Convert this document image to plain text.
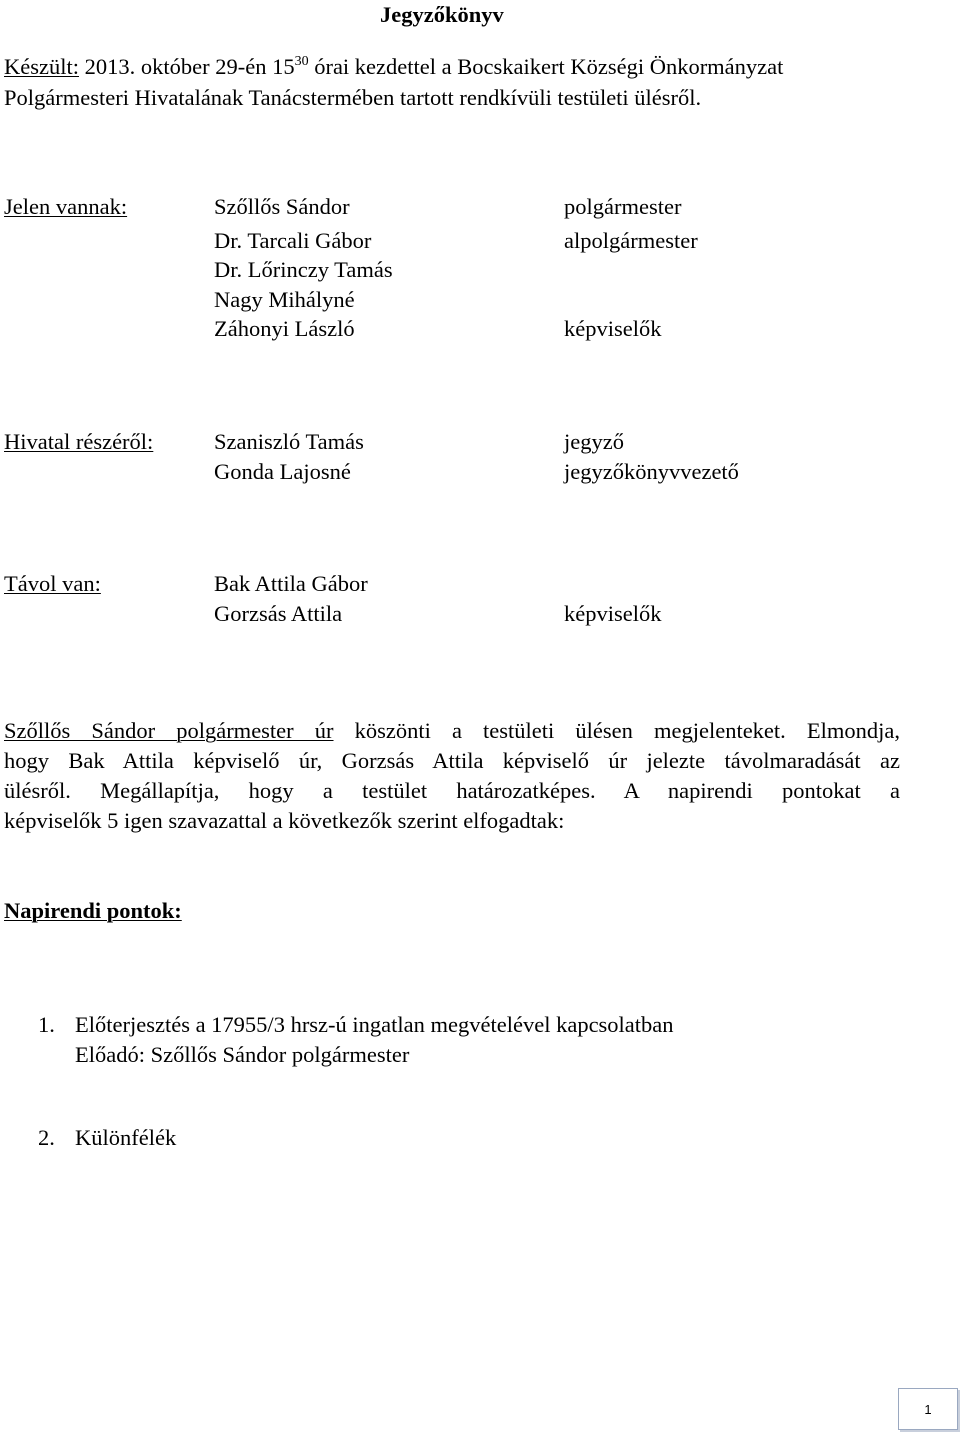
Jegyzőkönyv
Készült: 2013. október 29-én $15^{30}$ órai kezdettel a Bocskaikert Községi Önkormányzat
Polgármesteri Hivatalának Tanácstermében tartott rendkívüli testületi ülésről.
Jelen vannak:	Szőllős Sándor	polgármester
Dr. Tarcali Gábor	alpolgármester
Dr. Lőrinczy Tamás
Nagy Mihályné
Záhonyi László	képviselők
Hivatal részéről:	Szaniszló Tamás	jegyző
Gonda Lajosné	jegyzőkönyvvezető
Távol van:	Bak Attila Gábor
Gorzsás Attila	képviselők
Szőllős Sándor polgármester úr köszönti a testületi ülésen megjelenteket. Elmondja,
hogy Bak Attila képviselő úr, Gorzsás Attila képviselő úr jelezte távolmaradását az
ülésről. Megállapítja, hogy a testület határozatképes. A napirendi pontokat a
képviselők 5 igen szavazattal a következők szerint elfogadtak:
Napirendi pontok:
1. Előterjesztés a 17955/3 hrsz-ú ingatlan megvételével kapcsolatban
Előadó: Szőllős Sándor polgármester
2. Különfélék
1
